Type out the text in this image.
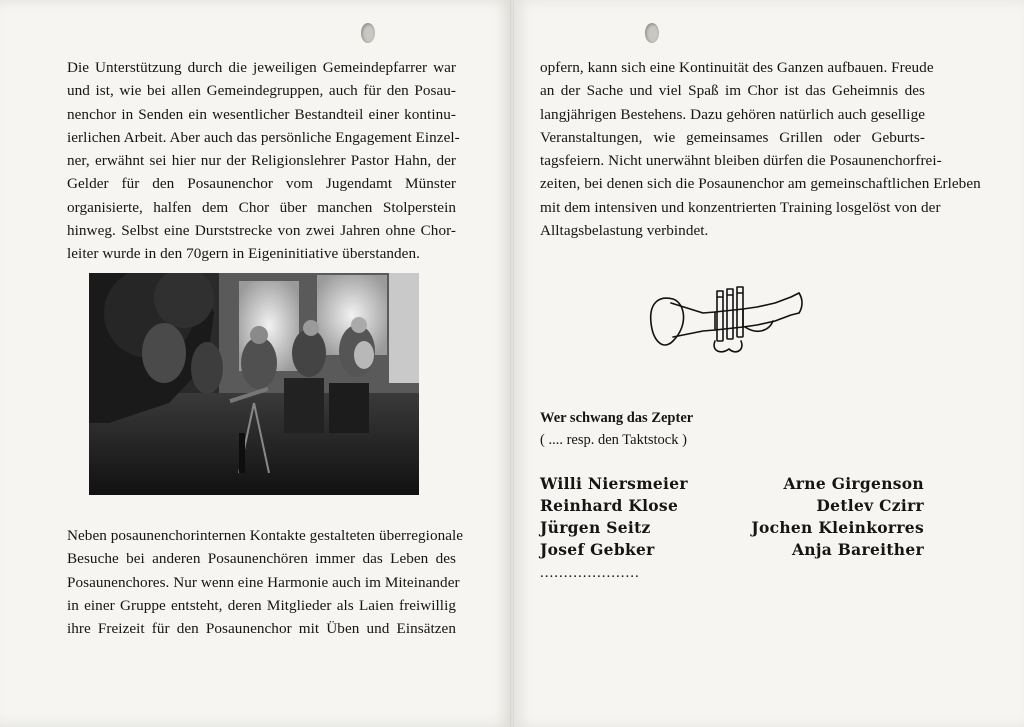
Die Unterstützung durch die jeweiligen Gemeindepfarrer war
und ist, wie bei allen Gemeindegruppen, auch für den Posau-
nenchor in Senden ein wesentlicher Bestandteil einer kontinu-
ierlichen Arbeit. Aber auch das persönliche Engagement Einzel-
ner, erwähnt sei hier nur der Religionslehrer Pastor Hahn, der
Gelder für den Posaunenchor vom Jugendamt Münster
organisierte, halfen dem Chor über manchen Stolperstein
hinweg. Selbst eine Durststrecke von zwei Jahren ohne Chor-
leiter wurde in den 70gern in Eigeninitiative überstanden.
Neben posaunenchorinternen Kontakte gestalteten überregionale
Besuche bei anderen Posaunenchören immer das Leben des
Posaunenchores. Nur wenn eine Harmonie auch im Miteinander
in einer Gruppe entsteht, deren Mitglieder als Laien freiwillig
ihre Freizeit für den Posaunenchor mit Üben und Einsätzen
opfern, kann sich eine Kontinuität des Ganzen aufbauen. Freude
an der Sache und viel Spaß im Chor ist das Geheimnis des
langjährigen Bestehens. Dazu gehören natürlich auch gesellige
Veranstaltungen, wie gemeinsames Grillen oder Geburts-
tagsfeiern. Nicht unerwähnt bleiben dürfen die Posaunenchorfrei-
zeiten, bei denen sich die Posaunenchor am gemeinschaftlichen Erleben
mit dem intensiven und konzentrierten Training losgelöst von der
Alltagsbelastung verbindet.
Wer schwang das Zepter
( .... resp. den Taktstock )
Willi Niersmeier
Reinhard Klose
Jürgen Seitz
Josef Gebker
Arne Girgenson
Detlev Czirr
Jochen Kleinkorres
Anja Bareither
.....................
